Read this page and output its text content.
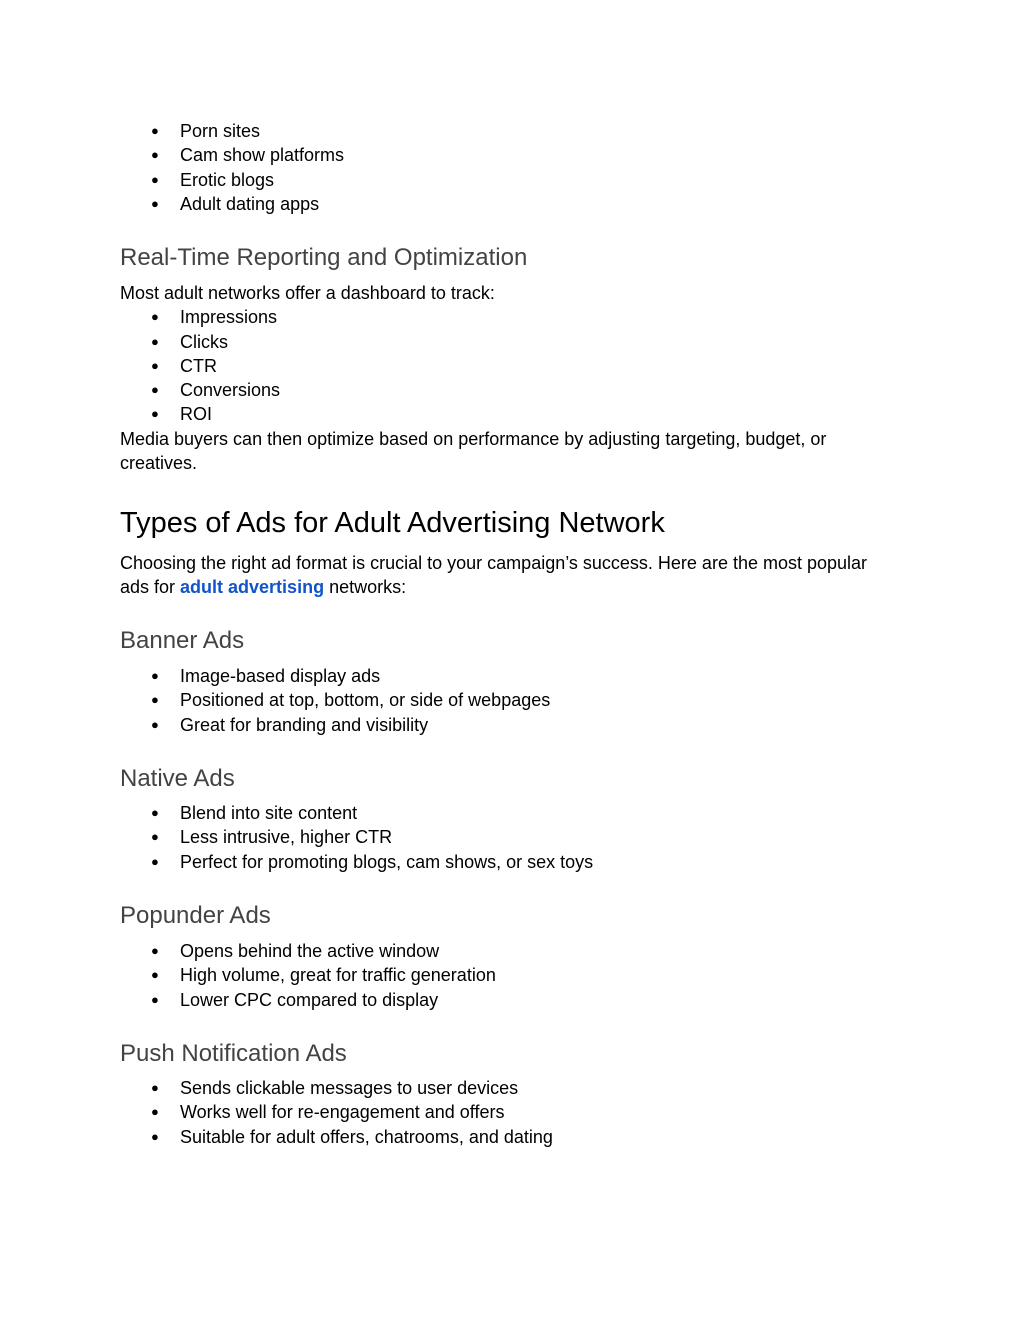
● Porn sites
● Cam show platforms
● Erotic blogs
● Adult dating apps
Real-Time Reporting and Optimization

Most adult networks offer a dashboard to track:

● Impressions
● Clicks
● CTR
● Conversions
● ROI

Media buyers can then optimize based on performance by adjusting targeting, budget, or creatives.

Types of Ads for Adult Advertising Network

Choosing the right ad format is crucial to your campaign’s success. Here are the most popular ads for adult advertising networks:

Banner Ads
● Image-based display ads
● Positioned at top, bottom, or side of webpages
● Great for branding and visibility
Native Ads
● Blend into site content
● Less intrusive, higher CTR
● Perfect for promoting blogs, cam shows, or sex toys
Popunder Ads
● Opens behind the active window
● High volume, great for traffic generation
● Lower CPC compared to display
Push Notification Ads
● Sends clickable messages to user devices
● Works well for re-engagement and offers
● Suitable for adult offers, chatrooms, and dating
